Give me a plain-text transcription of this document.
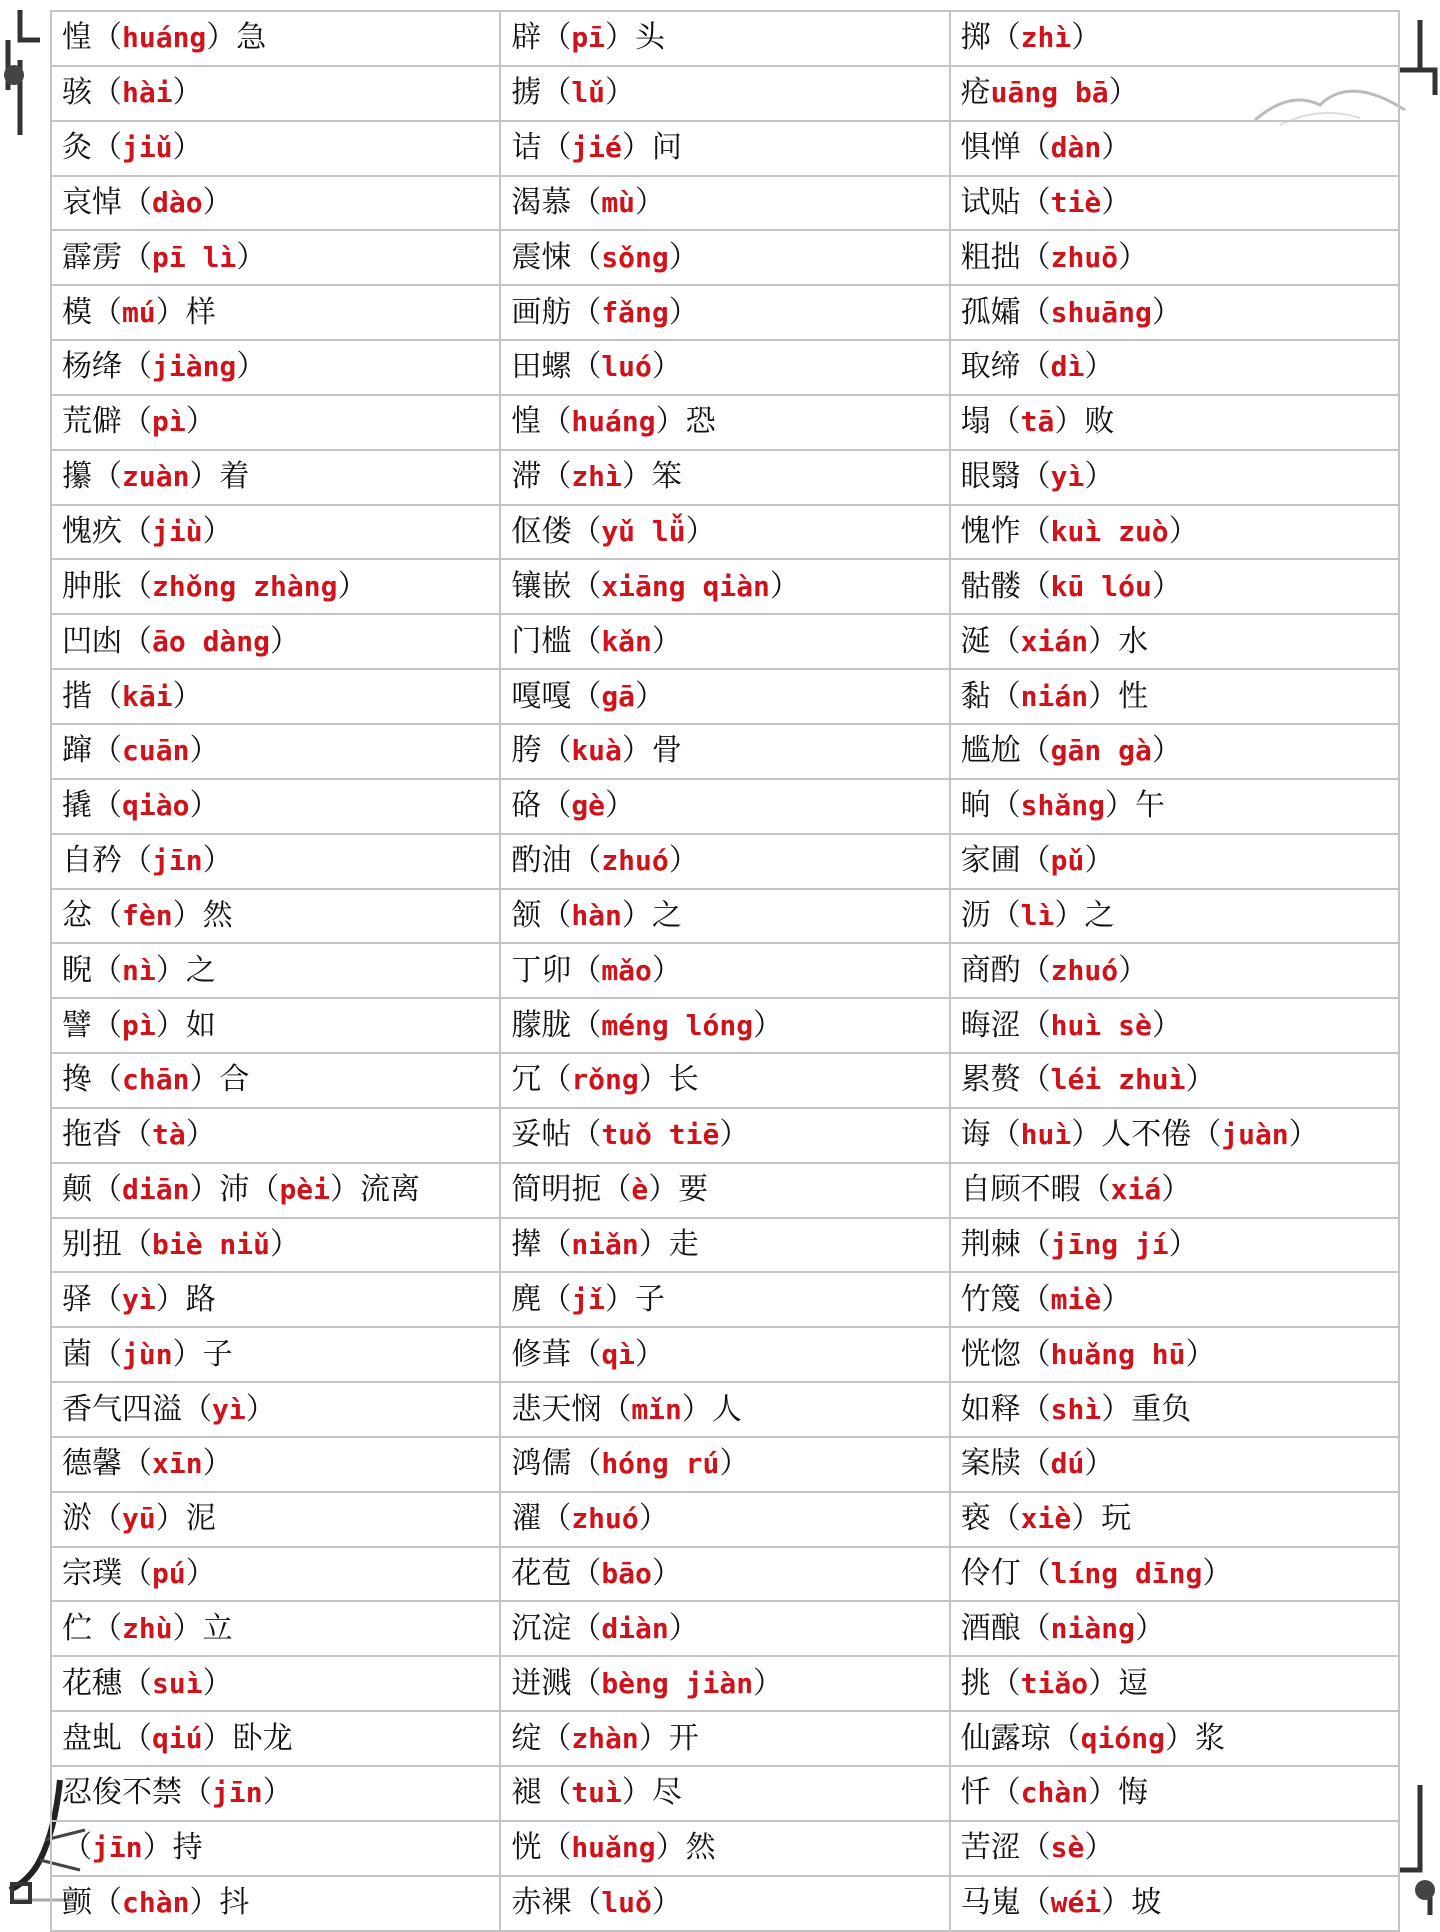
惶（huáng）急	辟（pī）头	掷（zhì）
骇（hài）	掳（lǔ）	疮uāng bā）
灸（jiǔ）	诘（jié）问	惧惮（dàn）
哀悼（dào）	渴慕（mù）	试贴（tiè）
霹雳（pī lì）	震悚（sǒng）	粗拙（zhuō）
模（mú）样	画舫（fǎng）	孤孀（shuāng）
杨绛（jiàng）	田螺（luó）	取缔（dì）
荒僻（pì）	惶（huáng）恐	塌（tā）败
攥（zuàn）着	滞（zhì）笨	眼翳（yì）
愧疚（jiù）	伛偻（yǔ lǚ）	愧怍（kuì zuò）
肿胀（zhǒng zhàng）	镶嵌（xiāng qiàn）	骷髅（kū lóu）
凹凼（āo dàng）	门槛（kǎn）	涎（xián）水
揩（kāi）	嘎嘎（gā）	黏（nián）性
蹿（cuān）	胯（kuà）骨	尴尬（gān gà）
撬（qiào）	硌（gè）	晌（shǎng）午
自矜（jīn）	酌油（zhuó）	家圃（pǔ）
忿（fèn）然	颔（hàn）之	沥（lì）之
睨（nì）之	丁卯（mǎo）	商酌（zhuó）
譬（pì）如	朦胧（méng lóng）	晦涩（huì sè）
搀（chān）合	冗（rǒng）长	累赘（léi zhuì）
拖沓（tà）	妥帖（tuǒ tiē）	诲（huì）人不倦（juàn）
颠（diān）沛（pèi）流离	简明扼（è）要	自顾不暇（xiá）
别扭（biè niǔ）	撵（niǎn）走	荆棘（jīng jí）
驿（yì）路	麂（jǐ）子	竹篾（miè）
菌（jùn）子	修葺（qì）	恍惚（huǎng hū）
香气四溢（yì）	悲天悯（mǐn）人	如释（shì）重负
德馨（xīn）	鸿儒（hóng rú）	案牍（dú）
淤（yū）泥	濯（zhuó）	亵（xiè）玩
宗璞（pú）	花苞（bāo）	伶仃（líng dīng）
伫（zhù）立	沉淀（diàn）	酒酿（niàng）
花穗（suì）	迸溅（bèng jiàn）	挑（tiǎo）逗
盘虬（qiú）卧龙	绽（zhàn）开	仙露琼（qióng）浆
忍俊不禁（jīn）	褪（tuì）尽	忏（chàn）悔
（jīn）持	恍（huǎng）然	苦涩（sè）
颤（chàn）抖	赤裸（luǒ）	马嵬（wéi）坡
